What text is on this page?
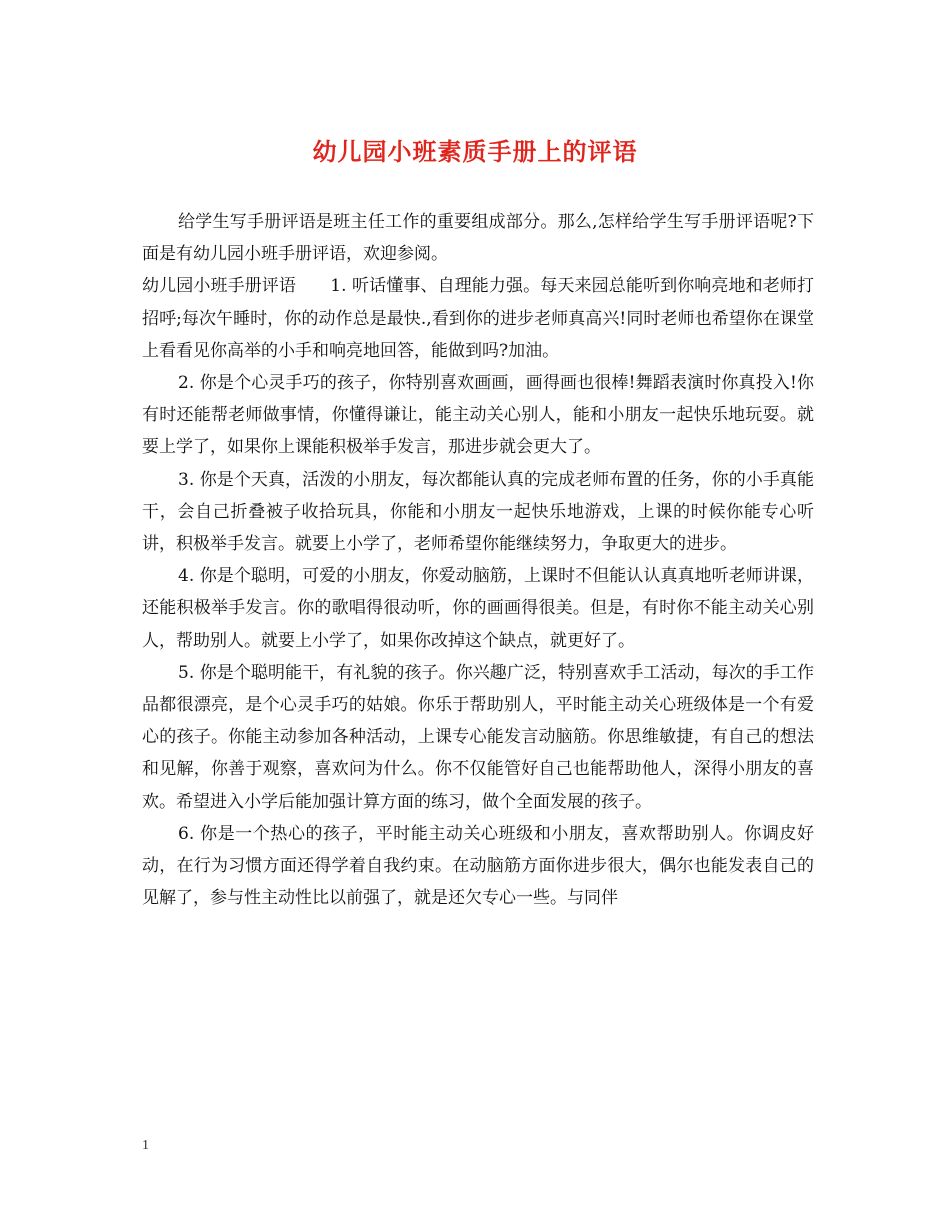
幼儿园小班素质手册上的评语

给学生写手册评语是班主任工作的重要组成部分。那么,怎样给学生写手册评语呢?下面是有幼儿园小班手册评语，欢迎参阅。

幼儿园小班手册评语　　1. 听话懂事、自理能力强。每天来园总能听到你响亮地和老师打招呼;每次午睡时，你的动作总是最快.,看到你的进步老师真高兴!同时老师也希望你在课堂上看看见你高举的小手和响亮地回答，能做到吗?加油。

2. 你是个心灵手巧的孩子，你特别喜欢画画，画得画也很棒!舞蹈表演时你真投入!你有时还能帮老师做事情，你懂得谦让，能主动关心别人，能和小朋友一起快乐地玩耍。就要上学了，如果你上课能积极举手发言，那进步就会更大了。

3. 你是个天真，活泼的小朋友，每次都能认真的完成老师布置的任务，你的小手真能干，会自己折叠被子收拾玩具，你能和小朋友一起快乐地游戏，上课的时候你能专心听讲，积极举手发言。就要上小学了，老师希望你能继续努力，争取更大的进步。

4. 你是个聪明，可爱的小朋友，你爱动脑筋，上课时不但能认认真真地听老师讲课，还能积极举手发言。你的歌唱得很动听，你的画画得很美。但是，有时你不能主动关心别人，帮助别人。就要上小学了，如果你改掉这个缺点，就更好了。

5. 你是个聪明能干，有礼貌的孩子。你兴趣广泛，特别喜欢手工活动，每次的手工作品都很漂亮，是个心灵手巧的姑娘。你乐于帮助别人，平时能主动关心班级体是一个有爱心的孩子。你能主动参加各种活动，上课专心能发言动脑筋。你思维敏捷，有自己的想法和见解，你善于观察，喜欢问为什么。你不仅能管好自己也能帮助他人，深得小朋友的喜欢。希望进入小学后能加强计算方面的练习，做个全面发展的孩子。

6. 你是一个热心的孩子，平时能主动关心班级和小朋友，喜欢帮助别人。你调皮好动，在行为习惯方面还得学着自我约束。在动脑筋方面你进步很大，偶尔也能发表自己的见解了，参与性主动性比以前强了，就是还欠专心一些。与同伴

1
